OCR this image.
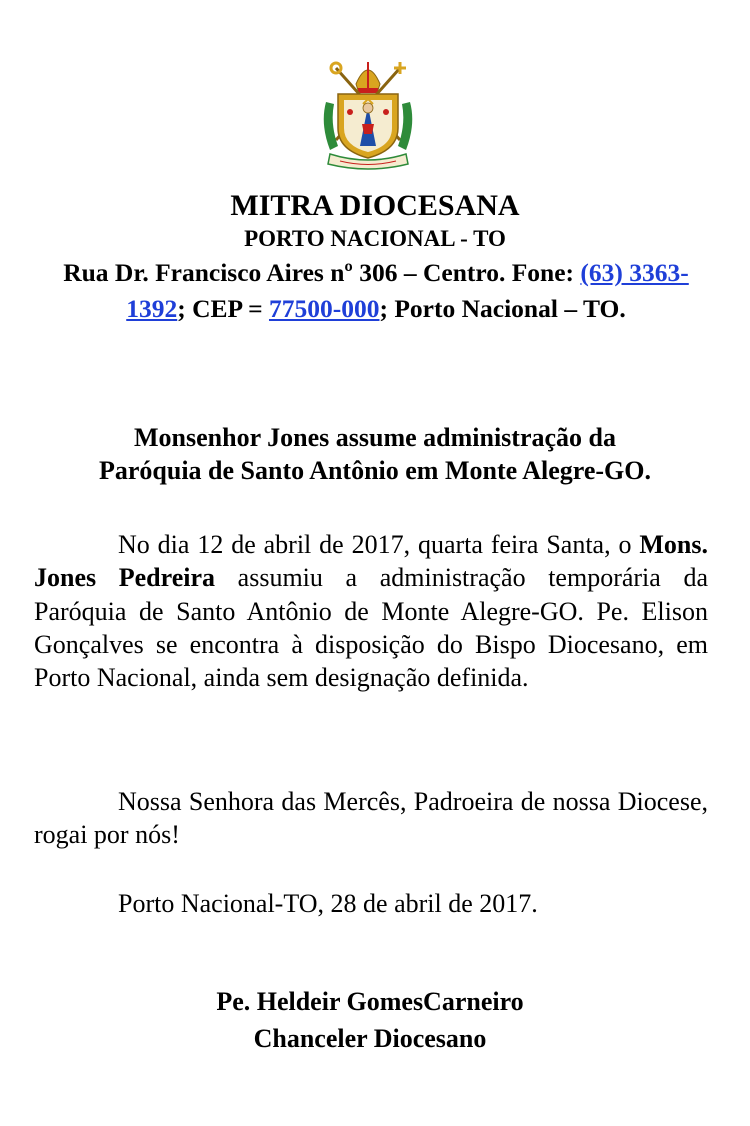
MITRA DIOCESANA
PORTO NACIONAL - TO
Rua Dr. Francisco Aires nº 306 – Centro. Fone: (63) 3363-1392; CEP = 77500-000; Porto Nacional – TO.
Monsenhor Jones assume administração da
Paróquia de Santo Antônio em Monte Alegre-GO.
No dia 12 de abril de 2017, quarta feira Santa, o Mons. Jones Pedreira assumiu a administração temporária da Paróquia de Santo Antônio de Monte Alegre-GO. Pe. Elison Gonçalves se encontra à disposição do Bispo Diocesano, em Porto Nacional, ainda sem designação definida.
Nossa Senhora das Mercês, Padroeira de nossa Diocese, rogai por nós!
Porto Nacional-TO, 28 de abril de 2017.
Pe. Heldeir GomesCarneiro
Chanceler Diocesano
